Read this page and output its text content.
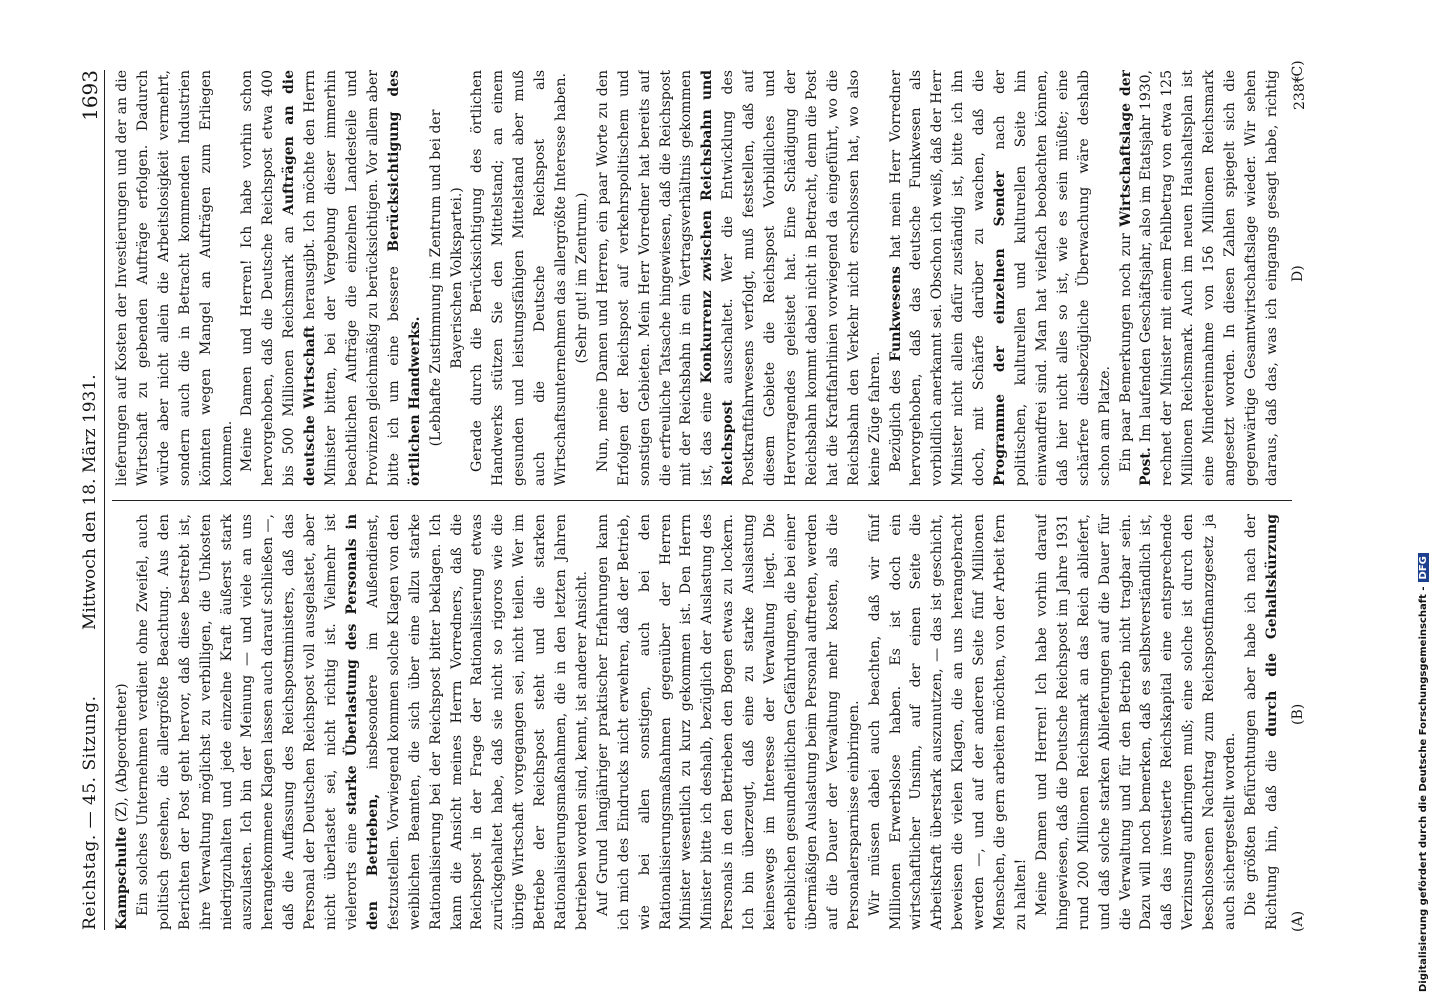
Reichstag. — 45. Sitzung.
Mittwoch den 18. März 1931.
1693

Kampschulte (Z), (Abgeordneter) Ein solches Unternehmen verdient ohne Zweifel, auch politisch gesehen, die allergrößte Beachtung. Aus den Berichten der Post geht hervor, daß diese bestrebt ist, ihre Verwaltung möglichst zu verbilligen, die Unkosten niedrigzuhalten und jede einzelne Kraft äußerst stark auszulasten. Ich bin der Meinung — und viele an uns herangekommene Klagen lassen auch darauf schließen —, daß die Auffassung des Reichspostministers, daß das Personal der Deutschen Reichspost voll ausgelastet, aber nicht überlastet sei, nicht richtig ist. Vielmehr ist vielerorts eine starke Überlastung des Personals in den Betrieben, insbesondere im Außendienst, festzustellen. Vorwiegend kommen solche Klagen von den weiblichen Beamten, die sich über eine allzu starke Rationalisierung bei der Reichspost bitter beklagen. Ich kann die Ansicht meines Herrn Vorredners, daß die Reichspost in der Frage der Rationalisierung etwas zurückgehaltet habe, daß sie nicht so rigoros wie die übrige Wirtschaft vorgegangen sei, nicht teilen. Wer im Betriebe der Reichspost steht und die starken Rationalisierungsmaßnahmen, die in den letzten Jahren betrieben worden sind, kennt, ist anderer Ansicht. Auf Grund langjähriger praktischer Erfahrungen kann ich mich des Eindrucks nicht erwehren, daß der Betrieb, wie bei allen sonstigen, auch bei den Rationalisierungsmaßnahmen gegenüber der Herren Minister wesentlich zu kurz gekommen ist. Den Herrn Minister bitte ich deshalb, bezüglich der Auslastung des Personals in den Betrieben den Bogen etwas zu lockern. Ich bin überzeugt, daß eine zu starke Auslastung keineswegs im Interesse der Verwaltung liegt. Die erheblichen gesundheitlichen Gefährdungen, die bei einer übermäßigen Auslastung beim Personal auftreten, werden auf die Dauer der Verwaltung mehr kosten, als die Personalersparnisse einbringen. Wir müssen dabei auch beachten, daß wir fünf Millionen Erwerbslose haben. Es ist doch ein wirtschaftlicher Unsinn, auf der einen Seite die Arbeitskraft überstark auszunutzen, — das ist geschicht, beweisen die vielen Klagen, die an uns herangebracht werden —, und auf der anderen Seite fünf Millionen Menschen, die gern arbeiten möchten, von der Arbeit fern zu halten! Meine Damen und Herren! Ich habe vorhin darauf hingewiesen, daß die Deutsche Reichspost im Jahre 1931 rund 200 Millionen Reichsmark an das Reich abliefert, und daß solche starken Ablieferungen auf die Dauer für die Verwaltung und für den Betrieb nicht tragbar sein. Dazu will noch bemerken, daß es selbstverständlich ist, daß das investierte Reichskapital eine entsprechende Verzinsung aufbringen muß; eine solche ist durch den beschlossenen Nachtrag zum Reichspostfinanzgesetz ja auch sichergestellt worden. Die größten Befürchtungen aber habe ich nach der Richtung hin, daß die durch die Gehaltskürzung

lieferungen auf Kosten der Investierungen und der an die Wirtschaft zu gebenden Aufträge erfolgen. Dadurch würde aber nicht allein die Arbeitslosigkeit vermehrt, sondern auch die in Betracht kommenden Industrien könnten wegen Mangel an Aufträgen zum Erliegen kommen. Meine Damen und Herren! Ich habe vorhin schon hervorgehoben, daß die Deutsche Reichspost etwa 400 bis 500 Millionen Reichsmark an Aufträgen an die deutsche Wirtschaft herausgibt. Ich möchte den Herrn Minister bitten, bei der Vergebung dieser immerhin beachtlichen Aufträge die einzelnen Landesteile und Provinzen gleichmäßig zu berücksichtigen. Vor allem aber bitte ich um eine bessere Berücksichtigung des örtlichen Handwerks. (Lebhafte Zustimmung im Zentrum und bei der Bayerischen Volkspartei.) Gerade durch die Berücksichtigung des örtlichen Handwerks stützen Sie den Mittelstand; an einem gesunden und leistungsfähigen Mittelstand aber muß auch die Deutsche Reichspost als Wirtschaftsunternehmen das allergrößte Interesse haben. (Sehr gut! im Zentrum.) Nun, meine Damen und Herren, ein paar Worte zu den Erfolgen der Reichspost auf verkehrspolitischem und sonstigen Gebieten. Mein Herr Vorredner hat bereits auf die erfreuliche Tatsache hingewiesen, daß die Reichspost mit der Reichsbahn in ein Vertragsverhältnis gekommen ist, das eine Konkurrenz zwischen Reichsbahn und Reichspost ausschaltet. Wer die Entwicklung des Postkraftfahrwesens verfolgt, muß feststellen, daß auf diesem Gebiete die Reichspost Vorbildliches und Hervorragendes geleistet hat. Eine Schädigung der Reichsbahn kommt dabei nicht in Betracht, denn die Post hat die Kraftfahrlinien vorwiegend da eingeführt, wo die Reichsbahn den Verkehr nicht erschlossen hat, wo also keine Züge fahren. Bezüglich des Funkwesens hat mein Herr Vorredner hervorgehoben, daß das deutsche Funkwesen als vorbildlich anerkannt sei. Obschon ich weiß, daß der Herr Minister nicht allein dafür zuständig ist, bitte ich ihn doch, mit Schärfe darüber zu wachen, daß die Programme der einzelnen Sender nach der politischen, kulturellen und kulturellen Seite hin einwandfrei sind. Man hat vielfach beobachten können, daß hier nicht alles so ist, wie es sein müßte; eine schärfere diesbezügliche Überwachung wäre deshalb schon am Platze. Ein paar Bemerkungen noch zur Wirtschaftslage der Post. Im laufenden Geschäftsjahr, also im Etatsjahr 1930, rechnet der Minister mit einem Fehlbetrag von etwa 125 Millionen Reichsmark. Auch im neuen Haushaltsplan ist eine Mindereinnahme von 156 Millionen Reichsmark angesetzt worden. In diesen Zahlen spiegelt sich die gegenwärtige Gesamtwirtschaftslage wieder. Wir sehen daraus, daß das, was ich eingangs gesagt habe, richtig

(A)
(B)
(C)
D)
238*
Digitalisierung gefördert durch die Deutsche Forschungsgemeinschaft -DFG
